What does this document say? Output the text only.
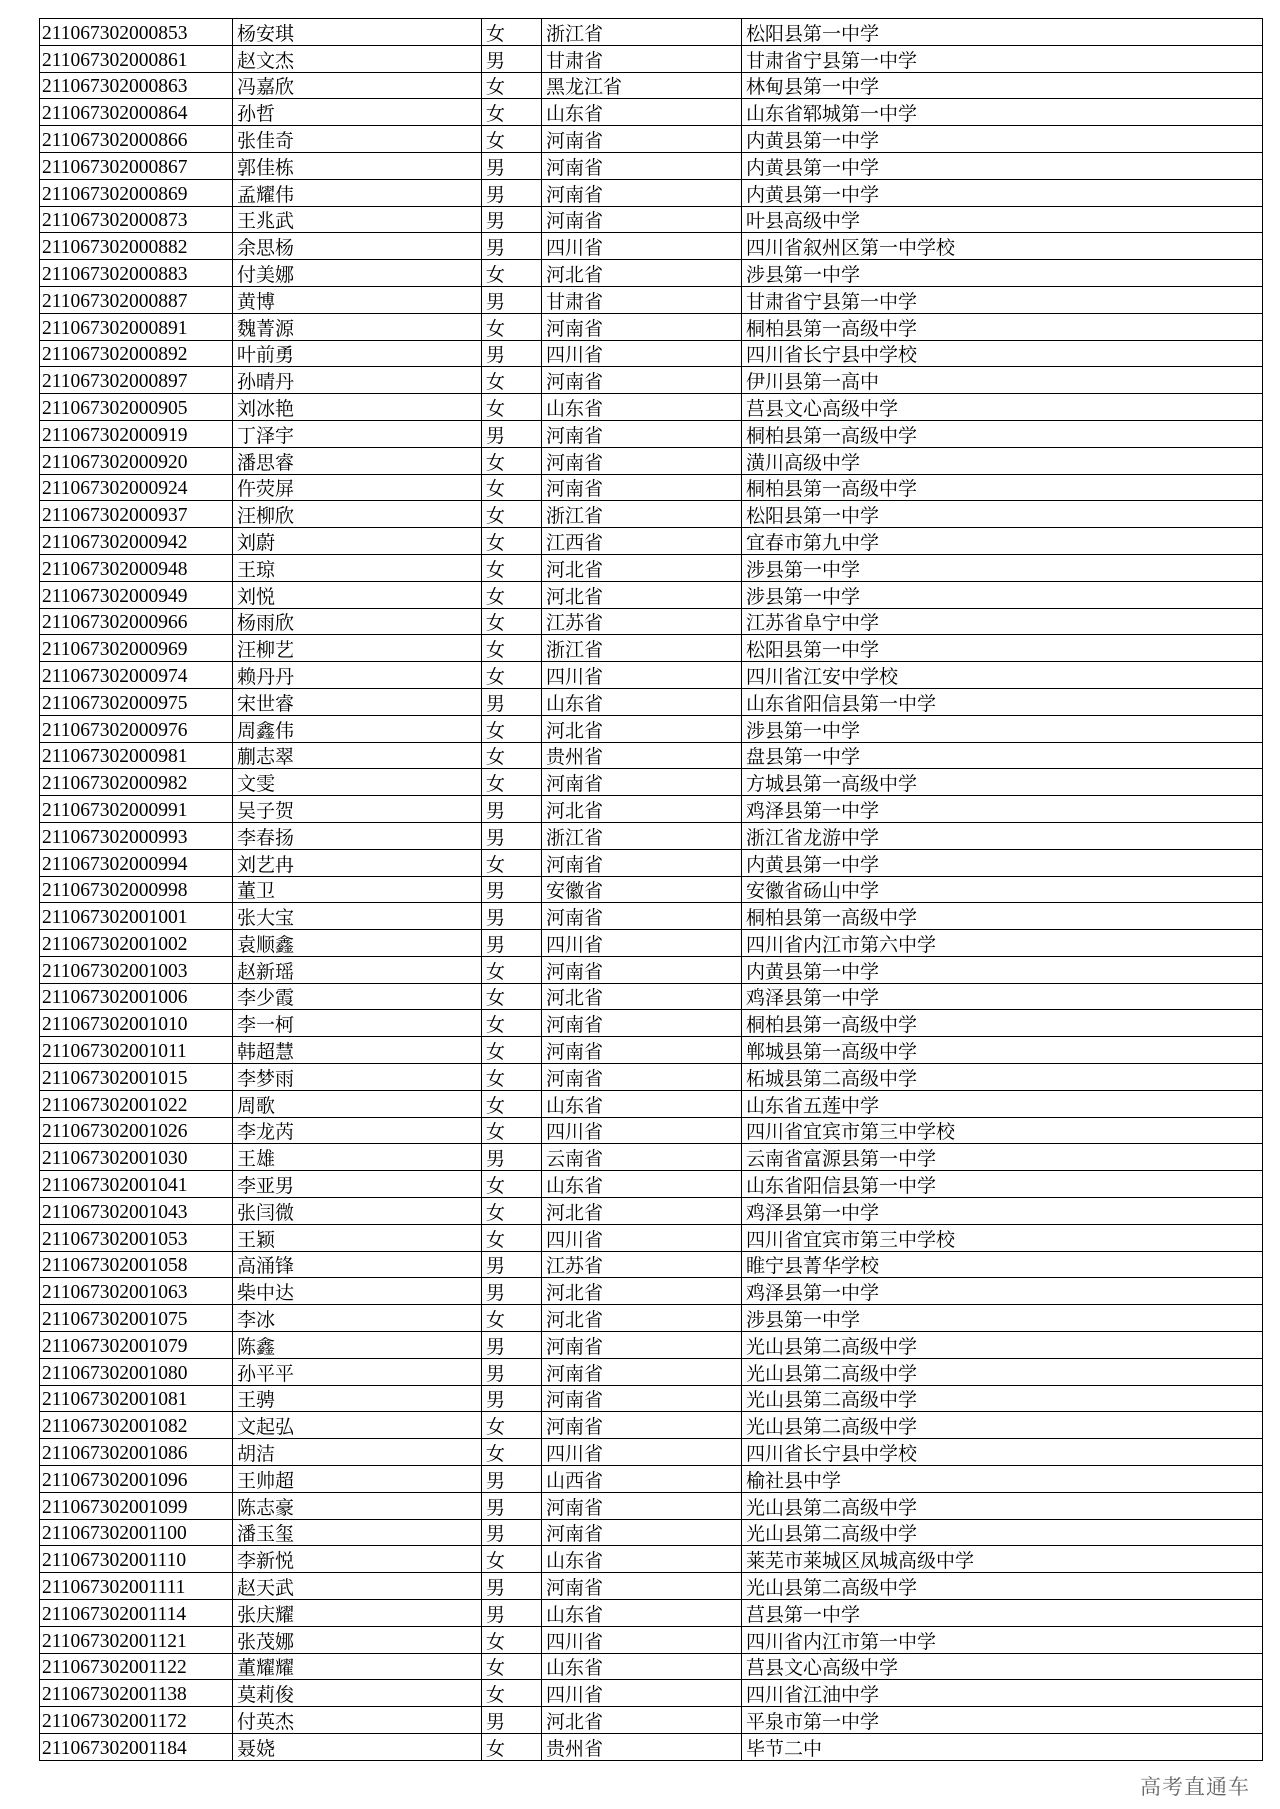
211067302000853	杨安琪	女	浙江省	松阳县第一中学
211067302000861	赵文杰	男	甘肃省	甘肃省宁县第一中学
211067302000863	冯嘉欣	女	黑龙江省	林甸县第一中学
211067302000864	孙哲	女	山东省	山东省郓城第一中学
211067302000866	张佳奇	女	河南省	内黄县第一中学
211067302000867	郭佳栋	男	河南省	内黄县第一中学
211067302000869	孟耀伟	男	河南省	内黄县第一中学
211067302000873	王兆武	男	河南省	叶县高级中学
211067302000882	余思杨	男	四川省	四川省叙州区第一中学校
211067302000883	付美娜	女	河北省	涉县第一中学
211067302000887	黄博	男	甘肃省	甘肃省宁县第一中学
211067302000891	魏菁源	女	河南省	桐柏县第一高级中学
211067302000892	叶前勇	男	四川省	四川省长宁县中学校
211067302000897	孙晴丹	女	河南省	伊川县第一高中
211067302000905	刘冰艳	女	山东省	莒县文心高级中学
211067302000919	丁泽宇	男	河南省	桐柏县第一高级中学
211067302000920	潘思睿	女	河南省	潢川高级中学
211067302000924	仵荧屏	女	河南省	桐柏县第一高级中学
211067302000937	汪柳欣	女	浙江省	松阳县第一中学
211067302000942	刘蔚	女	江西省	宜春市第九中学
211067302000948	王琼	女	河北省	涉县第一中学
211067302000949	刘悦	女	河北省	涉县第一中学
211067302000966	杨雨欣	女	江苏省	江苏省阜宁中学
211067302000969	汪柳艺	女	浙江省	松阳县第一中学
211067302000974	赖丹丹	女	四川省	四川省江安中学校
211067302000975	宋世睿	男	山东省	山东省阳信县第一中学
211067302000976	周鑫伟	女	河北省	涉县第一中学
211067302000981	蒯志翠	女	贵州省	盘县第一中学
211067302000982	文雯	女	河南省	方城县第一高级中学
211067302000991	吴子贺	男	河北省	鸡泽县第一中学
211067302000993	李春扬	男	浙江省	浙江省龙游中学
211067302000994	刘艺冉	女	河南省	内黄县第一中学
211067302000998	董卫	男	安徽省	安徽省砀山中学
211067302001001	张大宝	男	河南省	桐柏县第一高级中学
211067302001002	袁顺鑫	男	四川省	四川省内江市第六中学
211067302001003	赵新瑶	女	河南省	内黄县第一中学
211067302001006	李少霞	女	河北省	鸡泽县第一中学
211067302001010	李一柯	女	河南省	桐柏县第一高级中学
211067302001011	韩超慧	女	河南省	郸城县第一高级中学
211067302001015	李梦雨	女	河南省	柘城县第二高级中学
211067302001022	周歌	女	山东省	山东省五莲中学
211067302001026	李龙芮	女	四川省	四川省宜宾市第三中学校
211067302001030	王雄	男	云南省	云南省富源县第一中学
211067302001041	李亚男	女	山东省	山东省阳信县第一中学
211067302001043	张闫微	女	河北省	鸡泽县第一中学
211067302001053	王颖	女	四川省	四川省宜宾市第三中学校
211067302001058	高涌锋	男	江苏省	睢宁县菁华学校
211067302001063	柴中达	男	河北省	鸡泽县第一中学
211067302001075	李冰	女	河北省	涉县第一中学
211067302001079	陈鑫	男	河南省	光山县第二高级中学
211067302001080	孙平平	男	河南省	光山县第二高级中学
211067302001081	王骋	男	河南省	光山县第二高级中学
211067302001082	文起弘	女	河南省	光山县第二高级中学
211067302001086	胡洁	女	四川省	四川省长宁县中学校
211067302001096	王帅超	男	山西省	榆社县中学
211067302001099	陈志豪	男	河南省	光山县第二高级中学
211067302001100	潘玉玺	男	河南省	光山县第二高级中学
211067302001110	李新悦	女	山东省	莱芜市莱城区凤城高级中学
211067302001111	赵天武	男	河南省	光山县第二高级中学
211067302001114	张庆耀	男	山东省	莒县第一中学
211067302001121	张茂娜	女	四川省	四川省内江市第一中学
211067302001122	董耀耀	女	山东省	莒县文心高级中学
211067302001138	莫莉俊	女	四川省	四川省江油中学
211067302001172	付英杰	男	河北省	平泉市第一中学
211067302001184	聂娆	女	贵州省	毕节二中
高考直通车
